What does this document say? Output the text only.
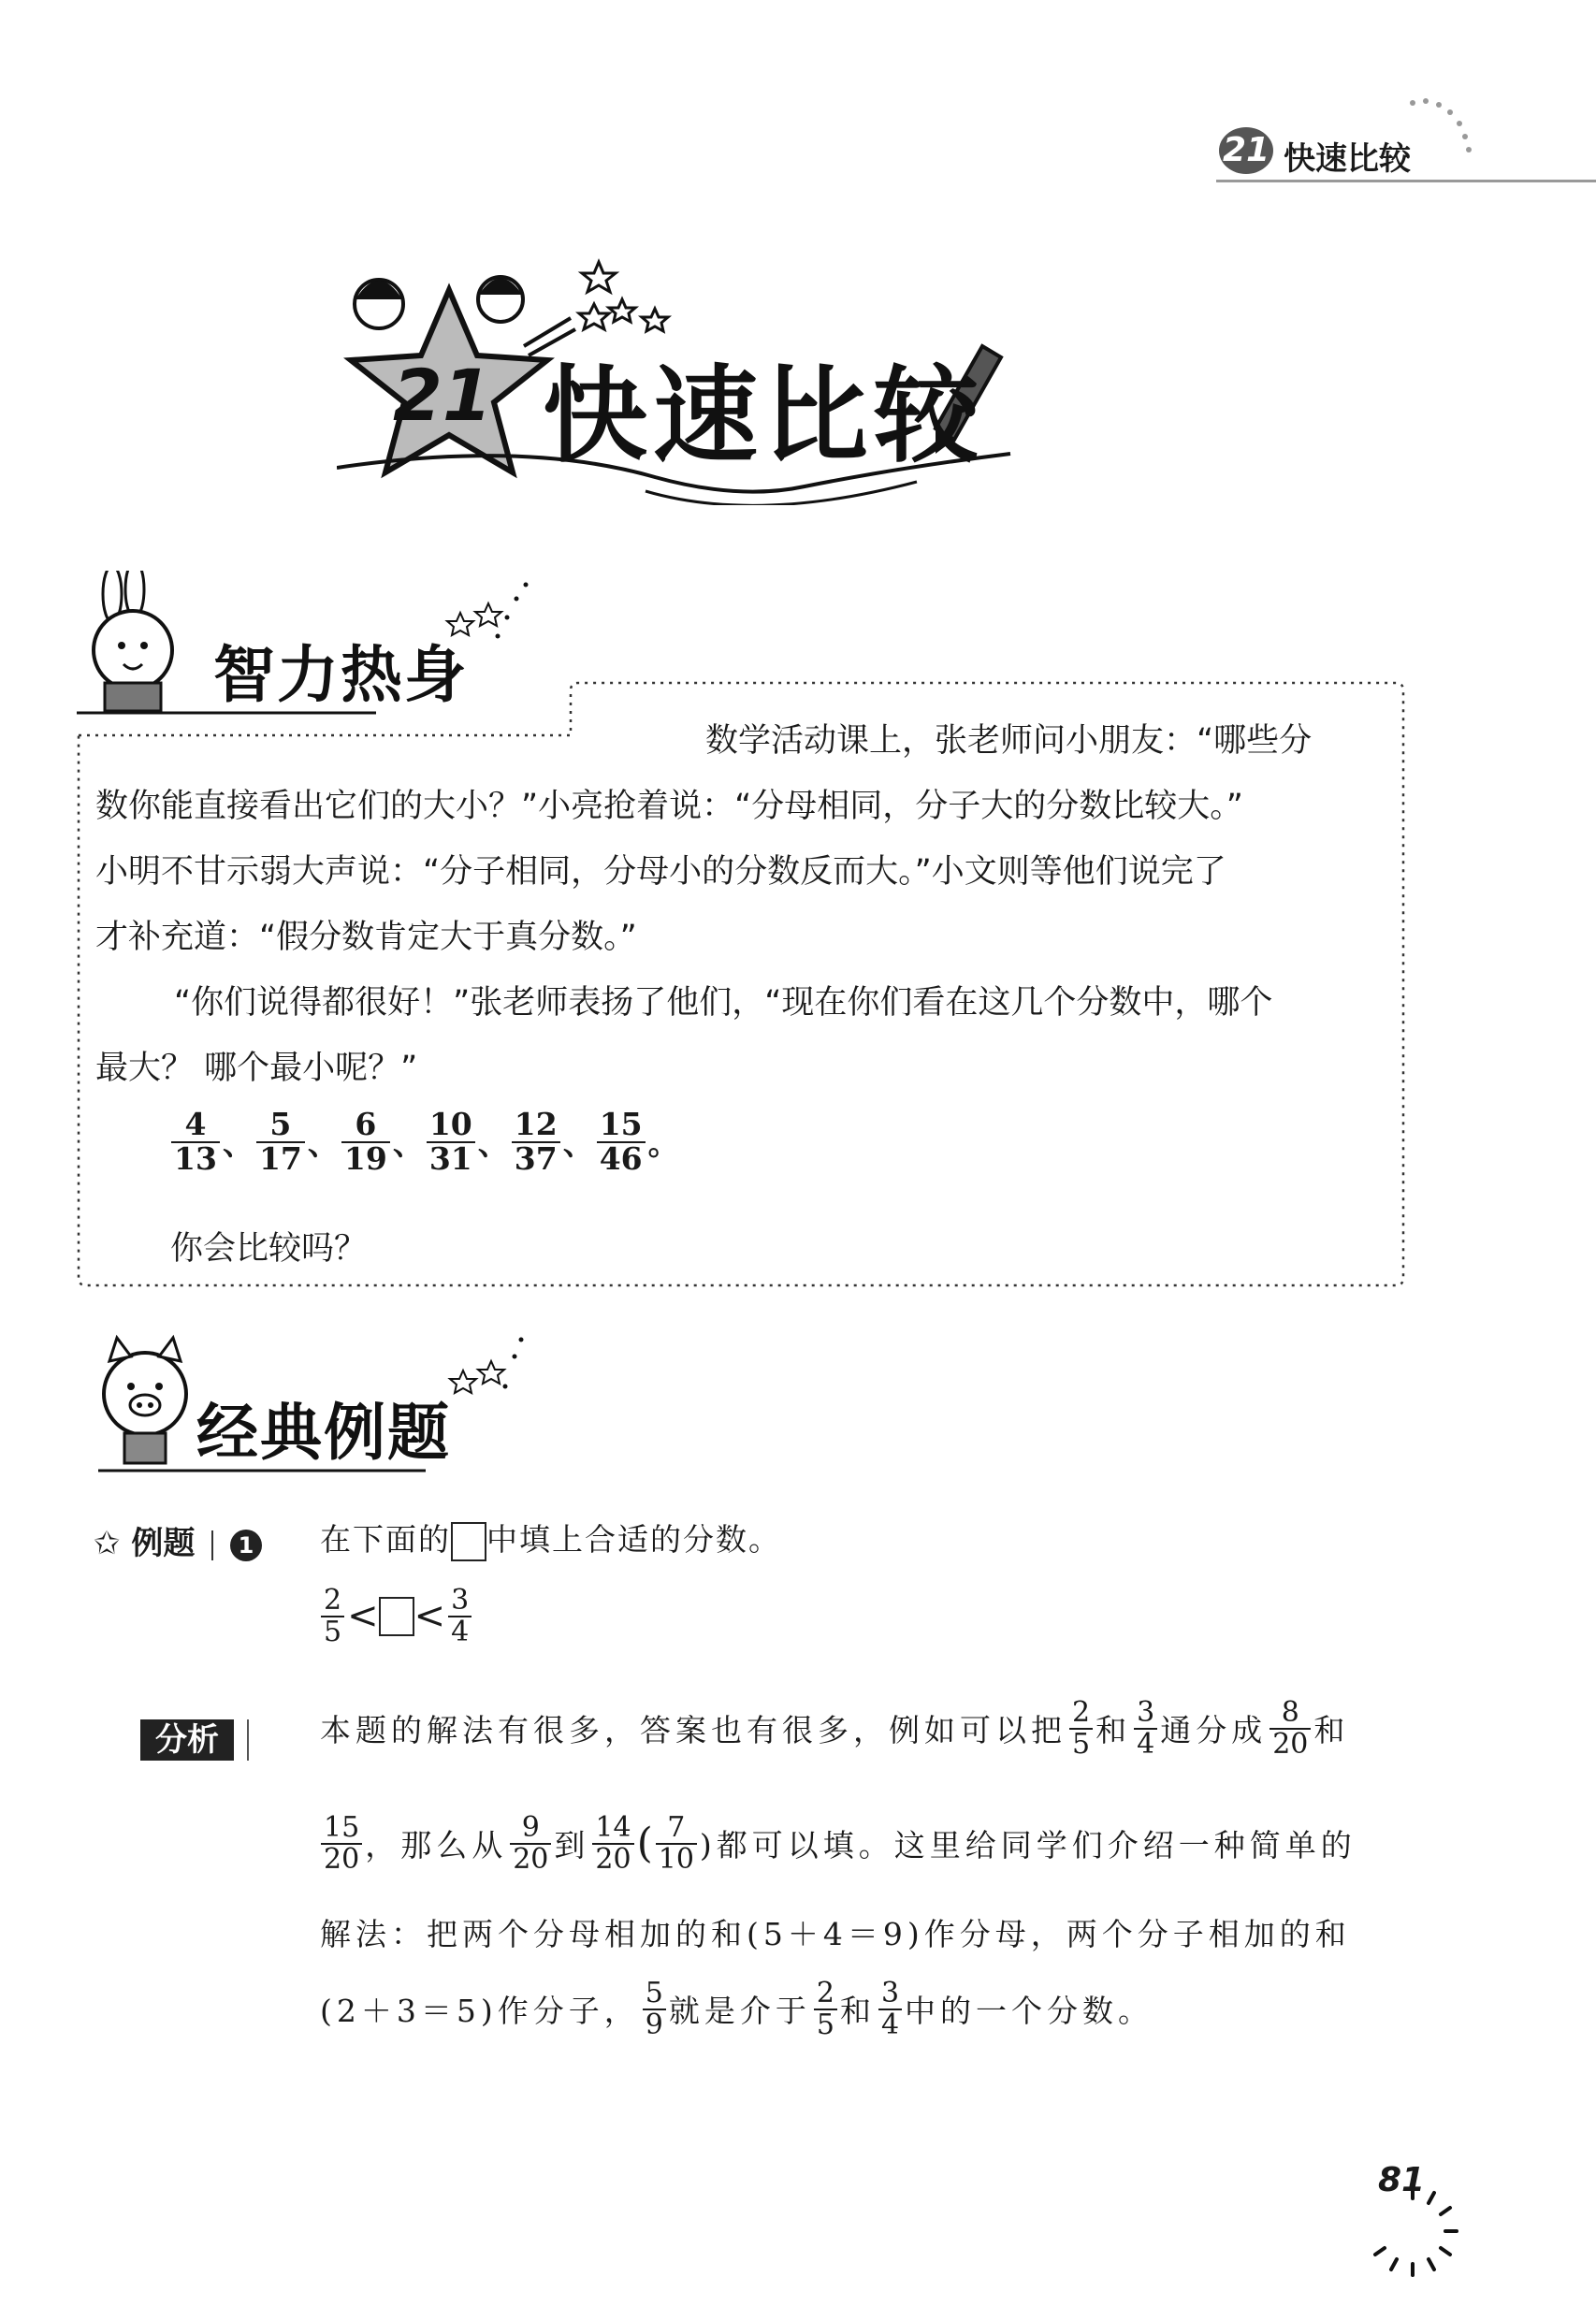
21 快速比较
21 快速比较
智力热身
数学活动课上，张老师问小朋友：“哪些分
数你能直接看出它们的大小？”小亮抢着说：“分母相同，分子大的分数比较大。”
小明不甘示弱大声说：“分子相同，分母小的分数反而大。”小文则等他们说完了
才补充道：“假分数肯定大于真分数。”
“你们说得都很好！”张老师表扬了他们，“现在你们看在这几个分数中，哪个
最大？ 哪个最小呢？”
$\frac{4}{13}$ 、 $\frac{5}{17}$ 、 $\frac{6}{19}$ 、 $\frac{10}{31}$ 、 $\frac{12}{37}$ 、 $\frac{15}{46}$ 。
你会比较吗？
经典例题
✩ 例题 1 在下面的 中填上合适的分数。
$\frac{2}{5}$ < < $\frac{3}{4}$
分析	本题的解法有很多，答案也有很多，例如可以把 $\frac{2}{5}$ 和 $\frac{3}{4}$ 通分成 $\frac{8}{20}$ 和
$\frac{15}{20}$ ，那么从 $\frac{9}{20}$ 到 $\frac{14}{20}$ ( $\frac{7}{10}$ )都可以填。这里给同学们介绍一种简单的
解法：把两个分母相加的和(5＋4＝9)作分母，两个分子相加的和
(2＋3＝5)作分子， $\frac{5}{9}$ 就是介于 $\frac{2}{5}$ 和 $\frac{3}{4}$ 中的一个分数。
81
